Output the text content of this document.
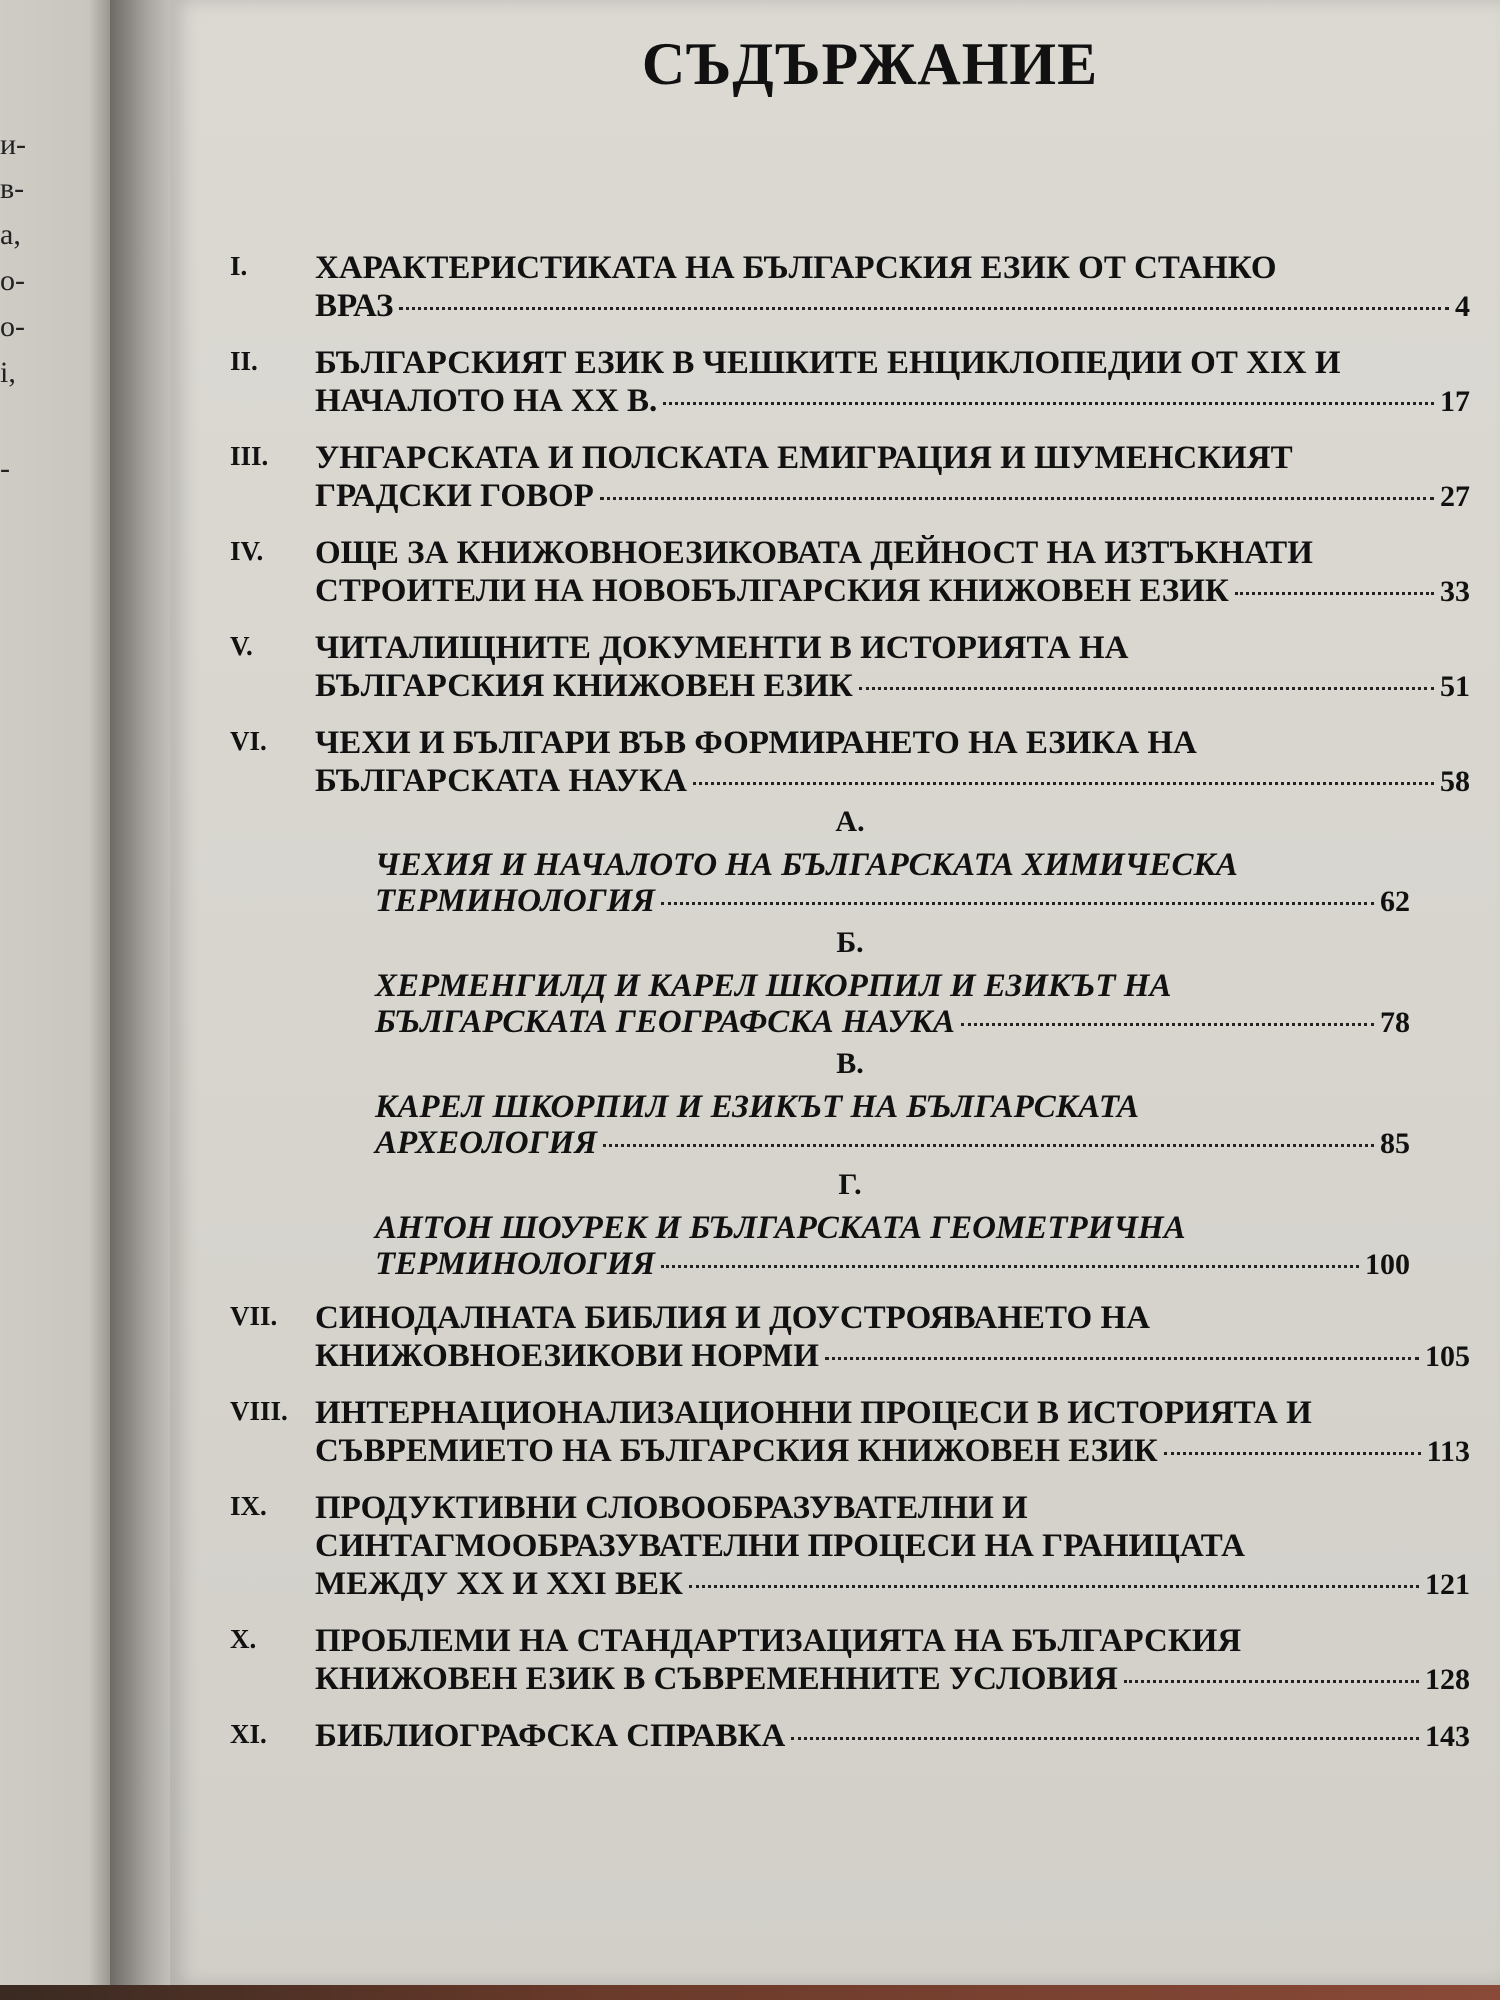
и-
в-
а,
о-
о-
і,
-
СЪДЪРЖАНИЕ
I.	ХАРАКТЕРИСТИКАТА НА БЪЛГАРСКИЯ ЕЗИК ОТ СТАНКО
ВРАЗ	4
II.	БЪЛГАРСКИЯТ ЕЗИК В ЧЕШКИТЕ ЕНЦИКЛОПЕДИИ ОТ XIX И
НАЧАЛОТО НА XX В.	17
III.	УНГАРСКАТА И ПОЛСКАТА ЕМИГРАЦИЯ И ШУМЕНСКИЯТ
ГРАДСКИ ГОВОР	27
IV.	ОЩЕ ЗА КНИЖОВНОЕЗИКОВАТА ДЕЙНОСТ НА ИЗТЪКНАТИ
СТРОИТЕЛИ НА НОВОБЪЛГАРСКИЯ КНИЖОВЕН ЕЗИК	33
V.	ЧИТАЛИЩНИТЕ ДОКУМЕНТИ В ИСТОРИЯТА НА
БЪЛГАРСКИЯ КНИЖОВЕН ЕЗИК	51
VI.	ЧЕХИ И БЪЛГАРИ ВЪВ ФОРМИРАНЕТО НА ЕЗИКА НА
БЪЛГАРСКАТА НАУКА	58
А.
ЧЕХИЯ И НАЧАЛОТО НА БЪЛГАРСКАТА ХИМИЧЕСКА
ТЕРМИНОЛОГИЯ	62
Б.
ХЕРМЕНГИЛД И КАРЕЛ ШКОРПИЛ И ЕЗИКЪТ НА
БЪЛГАРСКАТА ГЕОГРАФСКА НАУКА	78
В.
КАРЕЛ ШКОРПИЛ И ЕЗИКЪТ НА БЪЛГАРСКАТА
АРХЕОЛОГИЯ	85
Г.
АНТОН ШОУРЕК И БЪЛГАРСКАТА ГЕОМЕТРИЧНА
ТЕРМИНОЛОГИЯ	100
VII.	СИНОДАЛНАТА БИБЛИЯ И ДОУСТРОЯВАНЕТО НА
КНИЖОВНОЕЗИКОВИ НОРМИ	105
VIII. ИНТЕРНАЦИОНАЛИЗАЦИОННИ ПРОЦЕСИ В ИСТОРИЯТА И
СЪВРЕМИЕТО НА БЪЛГАРСКИЯ КНИЖОВЕН ЕЗИК	113
IX.	ПРОДУКТИВНИ СЛОВООБРАЗУВАТЕЛНИ И
СИНТАГМООБРАЗУВАТЕЛНИ ПРОЦЕСИ НА ГРАНИЦАТА
МЕЖДУ XX И XXI ВЕК	121
X.	ПРОБЛЕМИ НА СТАНДАРТИЗАЦИЯТА НА БЪЛГАРСКИЯ
КНИЖОВЕН ЕЗИК В СЪВРЕМЕННИТЕ УСЛОВИЯ	128
XI.	БИБЛИОГРАФСКА СПРАВКА	143
